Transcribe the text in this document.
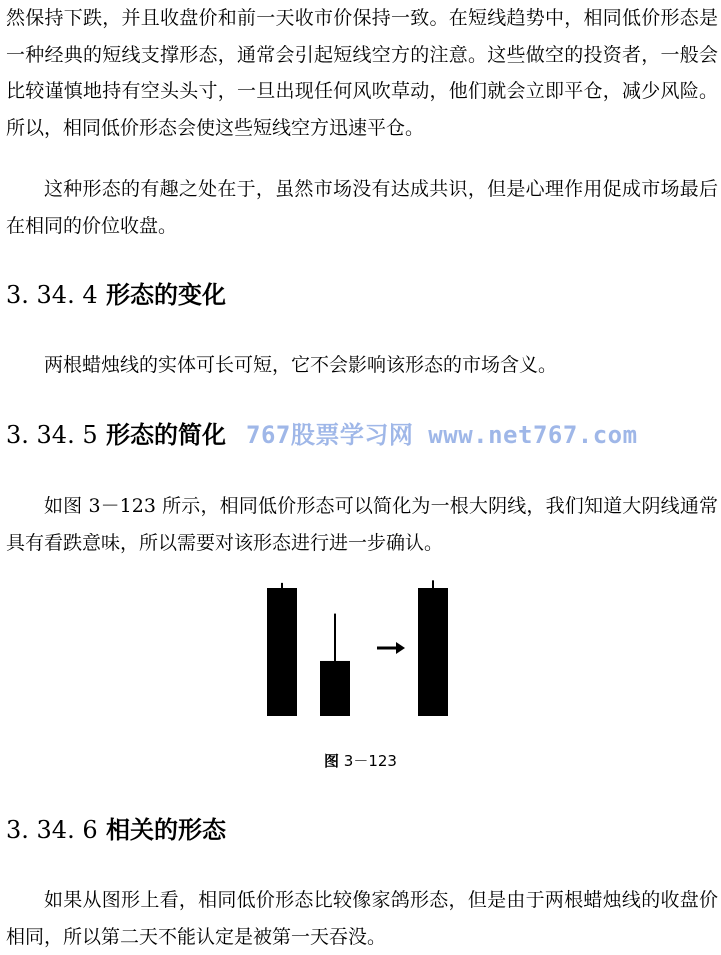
然保持下跌，并且收盘价和前一天收市价保持一致。在短线趋势中，相同低价形态是一种经典的短线支撑形态，通常会引起短线空方的注意。这些做空的投资者，一般会比较谨慎地持有空头头寸，一旦出现任何风吹草动，他们就会立即平仓，减少风险。所以，相同低价形态会使这些短线空方迅速平仓。

这种形态的有趣之处在于，虽然市场没有达成共识，但是心理作用促成市场最后在相同的价位收盘。

3. 34. 4 形态的变化

两根蜡烛线的实体可长可短，它不会影响该形态的市场含义。

3. 34. 5 形态的简化 767股票学习网 www.net767.com

如图 3－123 所示，相同低价形态可以简化为一根大阴线，我们知道大阴线通常具有看跌意味，所以需要对该形态进行进一步确认。

图 3－123
3. 34. 6 相关的形态

如果从图形上看，相同低价形态比较像家鸽形态，但是由于两根蜡烛线的收盘价相同，所以第二天不能认定是被第一天吞没。
